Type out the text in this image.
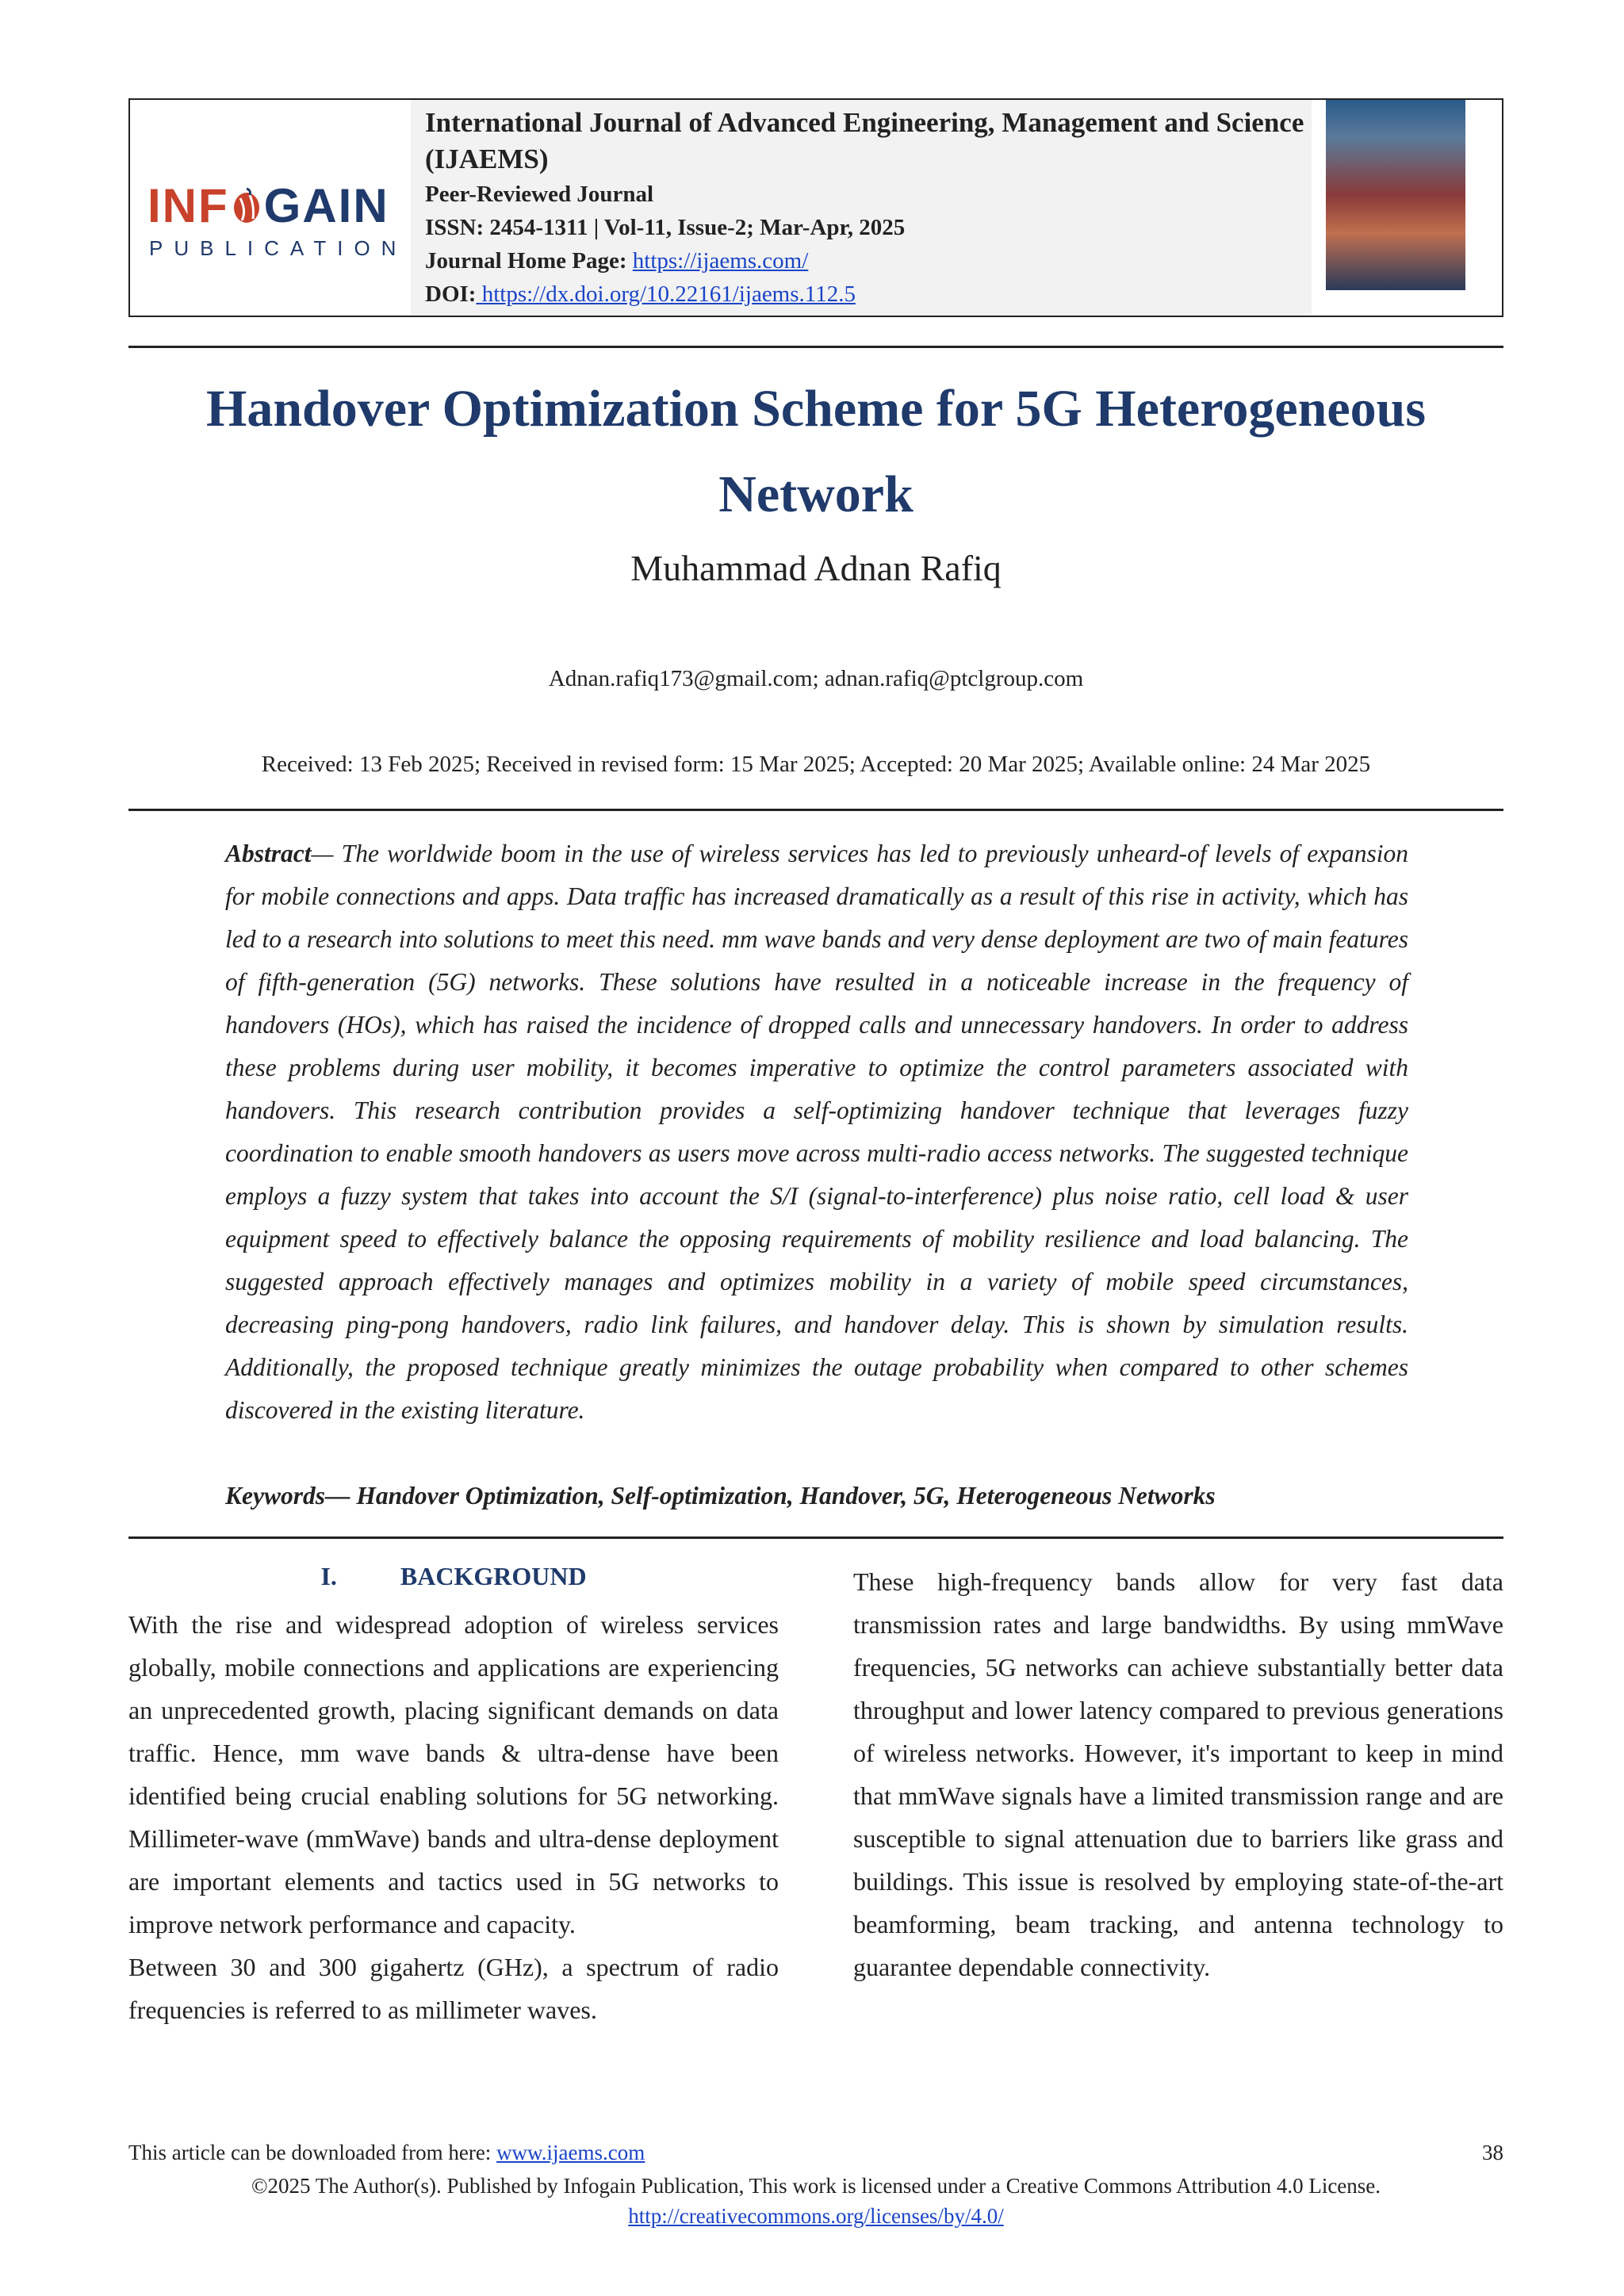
INF GAIN
PUBLICATION
International Journal of Advanced Engineering, Management and Science (IJAEMS)
Peer-Reviewed Journal
ISSN: 2454-1311 | Vol-11, Issue-2; Mar-Apr, 2025
Journal Home Page: https://ijaems.com/
DOI: https://dx.doi.org/10.22161/ijaems.112.5
Handover Optimization Scheme for 5G Heterogeneous Network
Muhammad Adnan Rafiq
Adnan.rafiq173@gmail.com; adnan.rafiq@ptclgroup.com
Received: 13 Feb 2025; Received in revised form: 15 Mar 2025; Accepted: 20 Mar 2025; Available online: 24 Mar 2025
Abstract— The worldwide boom in the use of wireless services has led to previously unheard-of levels of expansion for mobile connections and apps. Data traffic has increased dramatically as a result of this rise in activity, which has led to a research into solutions to meet this need. mm wave bands and very dense deployment are two of main features of fifth-generation (5G) networks. These solutions have resulted in a noticeable increase in the frequency of handovers (HOs), which has raised the incidence of dropped calls and unnecessary handovers. In order to address these problems during user mobility, it becomes imperative to optimize the control parameters associated with handovers. This research contribution provides a self-optimizing handover technique that leverages fuzzy coordination to enable smooth handovers as users move across multi-radio access networks. The suggested technique employs a fuzzy system that takes into account the S/I (signal-to-interference) plus noise ratio, cell load & user equipment speed to effectively balance the opposing requirements of mobility resilience and load balancing. The suggested approach effectively manages and optimizes mobility in a variety of mobile speed circumstances, decreasing ping-pong handovers, radio link failures, and handover delay. This is shown by simulation results. Additionally, the proposed technique greatly minimizes the outage probability when compared to other schemes discovered in the existing literature.
Keywords— Handover Optimization, Self-optimization, Handover, 5G, Heterogeneous Networks
I.	BACKGROUND

With the rise and widespread adoption of wireless services globally, mobile connections and applications are experiencing an unprecedented growth, placing significant demands on data traffic. Hence, mm wave bands & ultra-dense have been identified being crucial enabling solutions for 5G networking. Millimeter-wave (mmWave) bands and ultra-dense deployment are important elements and tactics used in 5G networks to improve network performance and capacity.

Between 30 and 300 gigahertz (GHz), a spectrum of radio frequencies is referred to as millimeter waves.

These high-frequency bands allow for very fast data transmission rates and large bandwidths. By using mmWave frequencies, 5G networks can achieve substantially better data throughput and lower latency compared to previous generations of wireless networks. However, it's important to keep in mind that mmWave signals have a limited transmission range and are susceptible to signal attenuation due to barriers like grass and buildings. This issue is resolved by employing state-of-the-art beamforming, beam tracking, and antenna technology to guarantee dependable connectivity.

This article can be downloaded from here: www.ijaems.com	38
©2025 The Author(s). Published by Infogain Publication, This work is licensed under a Creative Commons Attribution 4.0 License. http://creativecommons.org/licenses/by/4.0/
